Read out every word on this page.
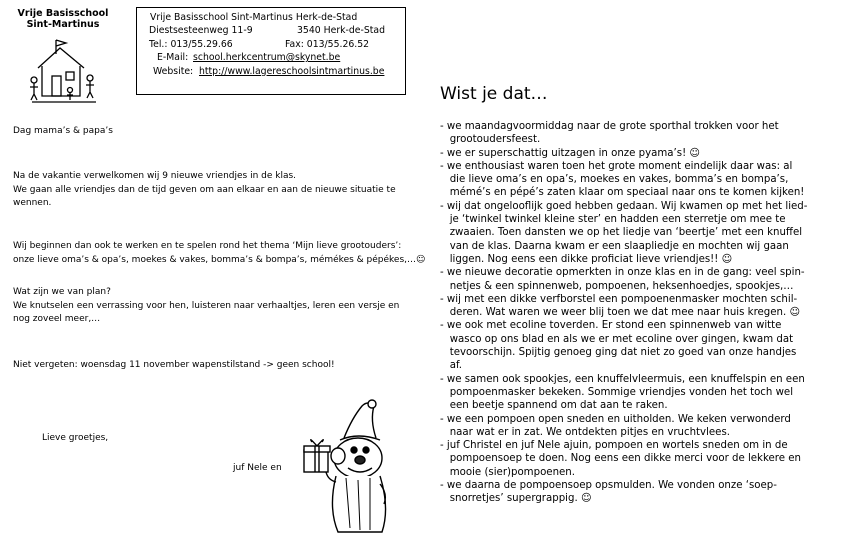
Vrije Basisschool
Sint-Martinus
Vrije Basisschool Sint-Martinus Herk-de-Stad
Diestsesteenweg 11-9	3540 Herk-de-Stad
Tel.: 013/55.29.66	Fax: 013/55.26.52
E-Mail: school.herkcentrum@skynet.be
Website: http://www.lagereschoolsintmartinus.be
Dag mama’s & papa’s
Na de vakantie verwelkomen wij 9 nieuwe vriendjes in de klas.
We gaan alle vriendjes dan de tijd geven om aan elkaar en aan de nieuwe situatie te
wennen.
Wij beginnen dan ook te werken en te spelen rond het thema ‘Mijn lieve grootouders’:
onze lieve oma’s & opa’s, moekes & vakes, bomma’s & bompa’s, mémékes & pépékes,…☺
Wat zijn we van plan?
We knutselen een verrassing voor hen, luisteren naar verhaaltjes, leren een versje en
nog zoveel meer,…
Niet vergeten: woensdag 11 november wapenstilstand -> geen school!
Lieve groetjes,
juf Nele en
Wist je dat…
- we maandagvoormiddag naar de grote sporthal trokken voor het
grootoudersfeest.
- we er superschattig uitzagen in onze pyama’s! ☺
- we enthousiast waren toen het grote moment eindelijk daar was: al
die lieve oma’s en opa’s, moekes en vakes, bomma’s en bompa’s,
mémé’s en pépé’s zaten klaar om speciaal naar ons te komen kijken!
- wij dat ongelooflijk goed hebben gedaan. Wij kwamen op met het lied-
je ‘twinkel twinkel kleine ster’ en hadden een sterretje om mee te
zwaaien. Toen dansten we op het liedje van ‘beertje’ met een knuffel
van de klas. Daarna kwam er een slaapliedje en mochten wij gaan
liggen. Nog eens een dikke proficiat lieve vriendjes!! ☺
- we nieuwe decoratie opmerkten in onze klas en in de gang: veel spin-
netjes & een spinnenweb, pompoenen, heksenhoedjes, spookjes,…
- wij met een dikke verfborstel een pompoenenmasker mochten schil-
deren. Wat waren we weer blij toen we dat mee naar huis kregen. ☺
- we ook met ecoline toverden. Er stond een spinnenweb van witte
wasco op ons blad en als we er met ecoline over gingen, kwam dat
tevoorschijn. Spijtig genoeg ging dat niet zo goed van onze handjes
af.
- we samen ook spookjes, een knuffelvleermuis, een knuffelspin en een
pompoenmasker bekeken. Sommige vriendjes vonden het toch wel
een beetje spannend om dat aan te raken.
- we een pompoen open sneden en uitholden. We keken verwonderd
naar wat er in zat. We ontdekten pitjes en vruchtvlees.
- juf Christel en juf Nele ajuin, pompoen en wortels sneden om in de
pompoensoep te doen. Nog eens een dikke merci voor de lekkere en
mooie (sier)pompoenen.
- we daarna de pompoensoep opsmulden. We vonden onze ‘soep-
snorretjes’ supergrappig. ☺
